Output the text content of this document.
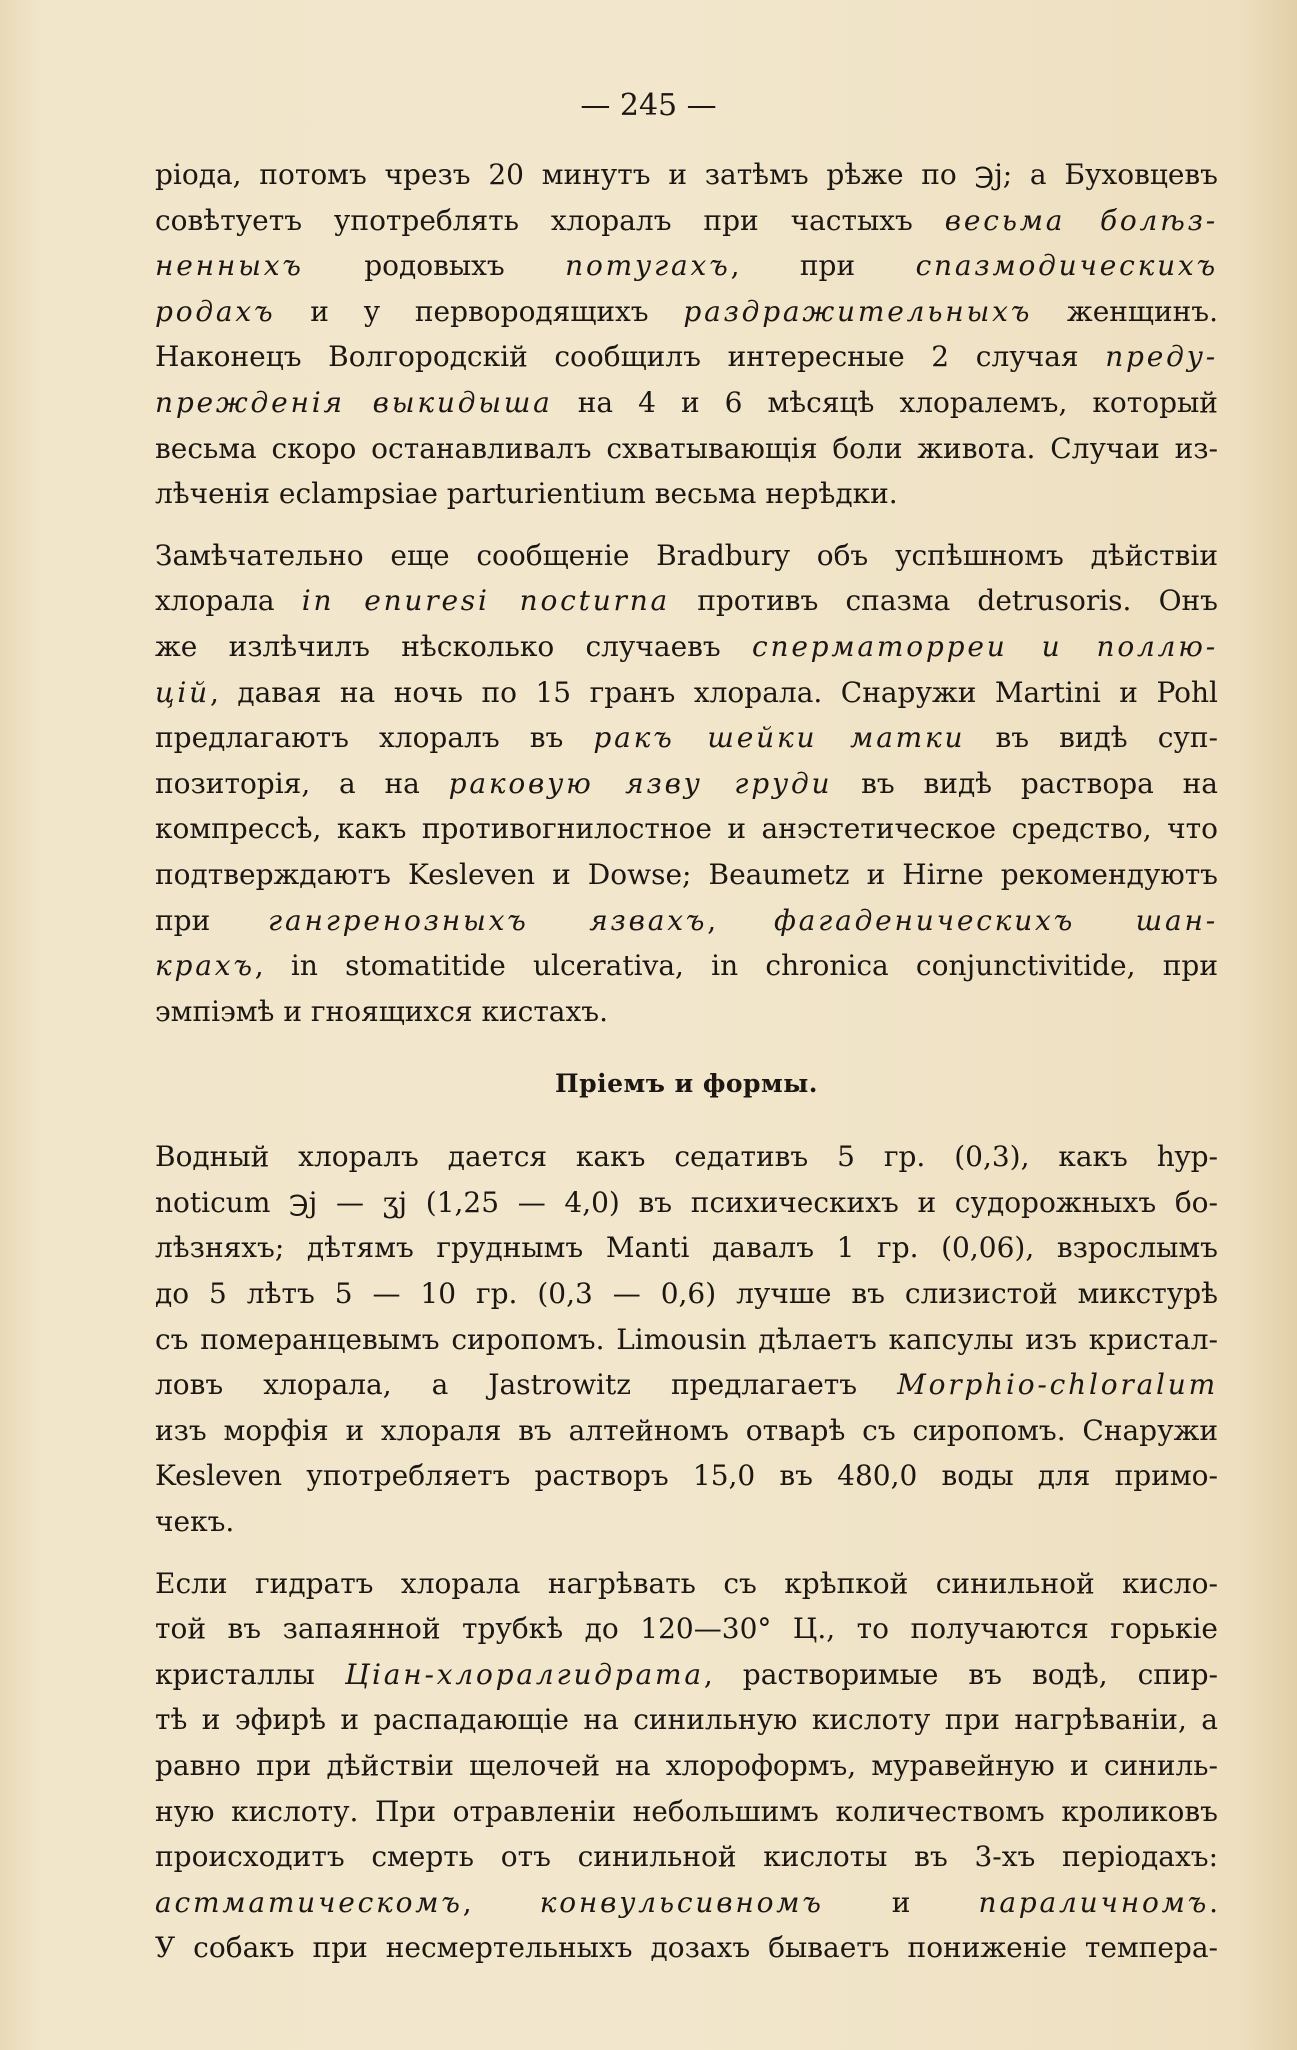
— 245 —
ріода, потомъ чрезъ 20 минутъ и затѣмъ рѣже по ℈j; а Буховцевъ
совѣтуетъ употреблять хлоралъ при частыхъ весьма болѣз-
ненныхъ родовыхъ потугахъ, при спазмодическихъ
родахъ и у первородящихъ раздражительныхъ женщинъ.
Наконецъ Волгородскій сообщилъ интересные 2 случая преду-
прежденія выкидыша на 4 и 6 мѣсяцѣ хлоралемъ, который
весьма скоро останавливалъ схватывающія боли живота. Случаи из-
лѣченія eclampsiae parturientium весьма нерѣдки.
Замѣчательно еще сообщеніе Bradbury объ успѣшномъ дѣйствіи
хлорала in enuresi nocturna противъ спазма detrusoris. Онъ
же излѣчилъ нѣсколько случаевъ сперматорреи и поллю-
цій, давая на ночь по 15 гранъ хлорала. Снаружи Martini и Pohl
предлагаютъ хлоралъ въ ракъ шейки матки въ видѣ суп-
позиторія, а на раковую язву груди въ видѣ раствора на
компрессѣ, какъ противогнилостное и анэстетическое средство, что
подтверждаютъ Kesleven и Dowse; Beaumetz и Hirne рекомендуютъ
при гангренозныхъ язвахъ, фагаденическихъ шан-
крахъ, in stomatitide ulcerativa, in chronica conjunctivitide, при
эмпіэмѣ и гноящихся кистахъ.
Пріемъ и формы.
Водный хлоралъ дается какъ седативъ 5 гр. (0,3), какъ hyp-
noticum ℈j — ʒj (1,25 — 4,0) въ психическихъ и судорожныхъ бо-
лѣзняхъ; дѣтямъ груднымъ Manti давалъ 1 гр. (0,06), взрослымъ
до 5 лѣтъ 5 — 10 гр. (0,3 — 0,6) лучше въ слизистой микстурѣ
съ померанцевымъ сиропомъ. Limousin дѣлаетъ капсулы изъ кристал-
ловъ хлорала, а Jastrowitz предлагаетъ Morphio-chloralum
изъ морфія и хлораля въ алтейномъ отварѣ съ сиропомъ. Снаружи
Kesleven употребляетъ растворъ 15,0 въ 480,0 воды для примо-
чекъ.
Если гидратъ хлорала нагрѣвать съ крѣпкой синильной кисло-
той въ запаянной трубкѣ до 120—30° Ц., то получаются горькіе
кристаллы Ціан-хлоралгидрата, растворимые въ водѣ, спир-
тѣ и эфирѣ и распадающіе на синильную кислоту при нагрѣваніи, а
равно при дѣйствіи щелочей на хлороформъ, муравейную и синиль-
ную кислоту. При отравленіи небольшимъ количествомъ кроликовъ
происходитъ смерть отъ синильной кислоты въ 3-хъ періодахъ:
астматическомъ, конвульсивномъ и параличномъ.
У собакъ при несмертельныхъ дозахъ бываетъ пониженіе темпера-
